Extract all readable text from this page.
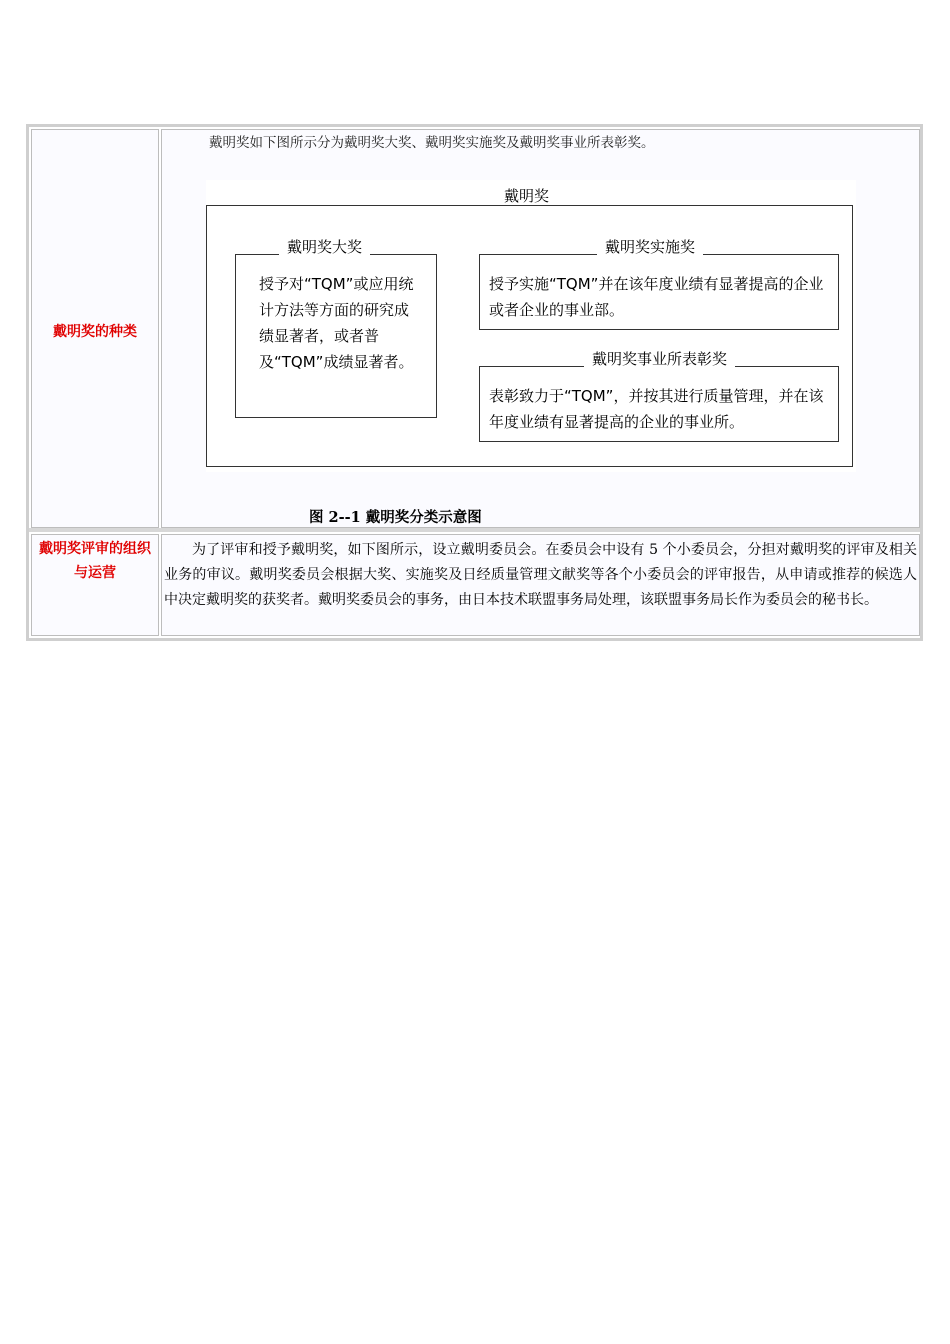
戴明奖的种类
戴明奖如下图所示分为戴明奖大奖、戴明奖实施奖及戴明奖事业所表彰奖。
戴明奖
授予对“TQM”或应用统计方法等方面的研究成绩显著者，或者普及“TQM”成绩显著者。
戴明奖大奖
授予实施“TQM”并在该年度业绩有显著提高的企业或者企业的事业部。
戴明奖实施奖
表彰致力于“TQM”，并按其进行质量管理，并在该年度业绩有显著提高的企业的事业所。
戴明奖事业所表彰奖
图 2--1 戴明奖分类示意图
戴明奖评审的组织与运营
为了评审和授予戴明奖，如下图所示，设立戴明委员会。在委员会中设有 5 个小委员会，分担对戴明奖的评审及相关业务的审议。戴明奖委员会根据大奖、实施奖及日经质量管理文献奖等各个小委员会的评审报告，从申请或推荐的候选人中决定戴明奖的获奖者。戴明奖委员会的事务，由日本技术联盟事务局处理，该联盟事务局长作为委员会的秘书长。
